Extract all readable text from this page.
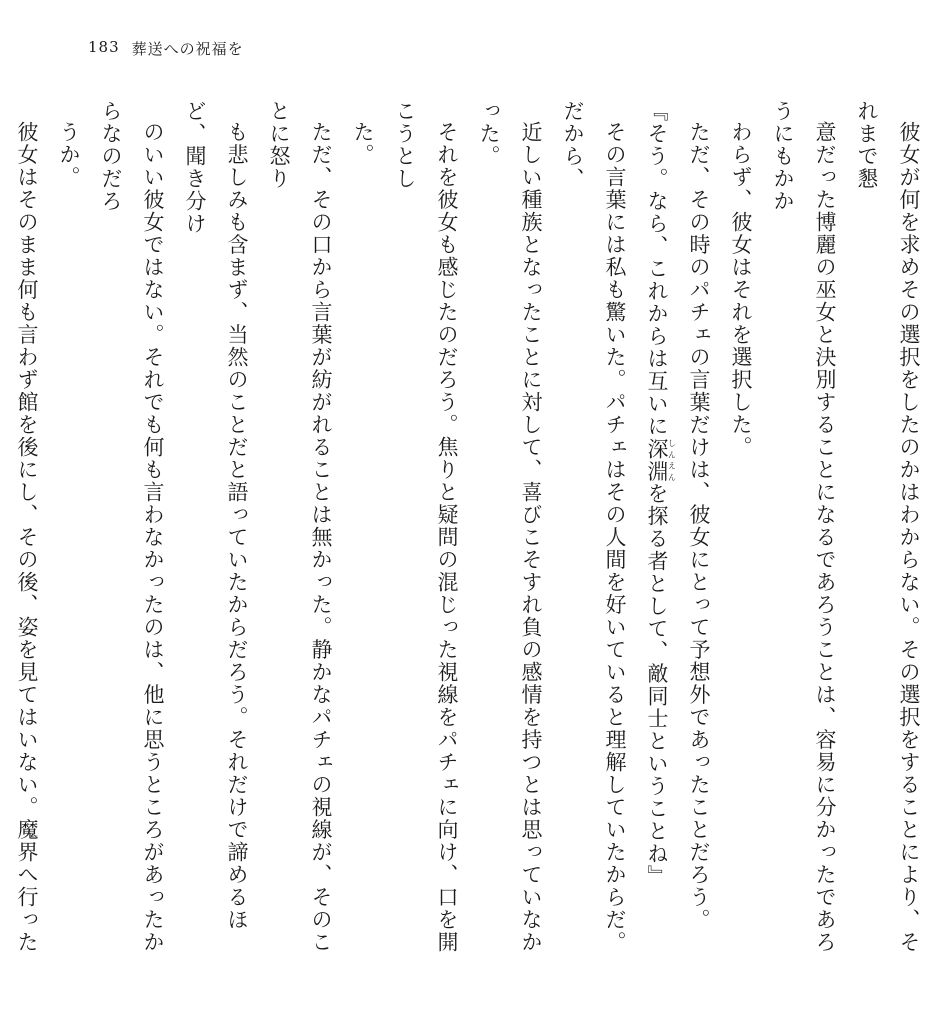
183 葬送への祝福を

彼女が何を求めその選択をしたのかはわからない。その選択をすることにより、それまで懇
意だった博麗の巫女と決別することになるであろうことは、容易に分かったであろうにもかか
わらず、彼女はそれを選択した。

ただ、その時のパチェの言葉だけは、彼女にとって予想外であったことだろう。

『そう。なら、これからは互いに深淵しんえんを探る者として、敵同士ということね』

その言葉には私も驚いた。パチェはその人間を好いていると理解していたからだ。だから、
近しい種族となったことに対して、喜びこそすれ負の感情を持つとは思っていなかった。
それを彼女も感じたのだろう。焦りと疑問の混じった視線をパチェに向け、口を開こうとし
た。

ただ、その口から言葉が紡がれることは無かった。静かなパチェの視線が、そのことに怒り
も悲しみも含まず、当然のことだと語っていたからだろう。それだけで諦めるほど、聞き分け
のいい彼女ではない。それでも何も言わなかったのは、他に思うところがあったからなのだろ
うか。

彼女はそのまま何も言わず館を後にし、その後、姿を見てはいない。魔界へ行った
